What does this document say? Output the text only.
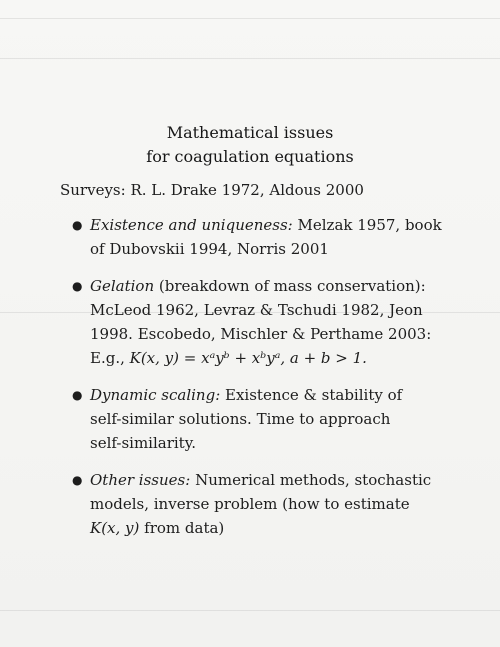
Mathematical issues
for coagulation equations
Surveys: R. L. Drake 1972, Aldous 2000
● Existence and uniqueness: Melzak 1957, book
of Dubovskii 1994, Norris 2001
● Gelation (breakdown of mass conservation):
McLeod 1962, Levraz & Tschudi 1982, Jeon
1998. Escobedo, Mischler & Perthame 2003:
E.g., K(x, y) = xᵃyᵇ + xᵇyᵃ, a + b > 1.
● Dynamic scaling: Existence & stability of
self-similar solutions. Time to approach
self-similarity.
● Other issues: Numerical methods, stochastic
models, inverse problem (how to estimate
K(x, y) from data)
